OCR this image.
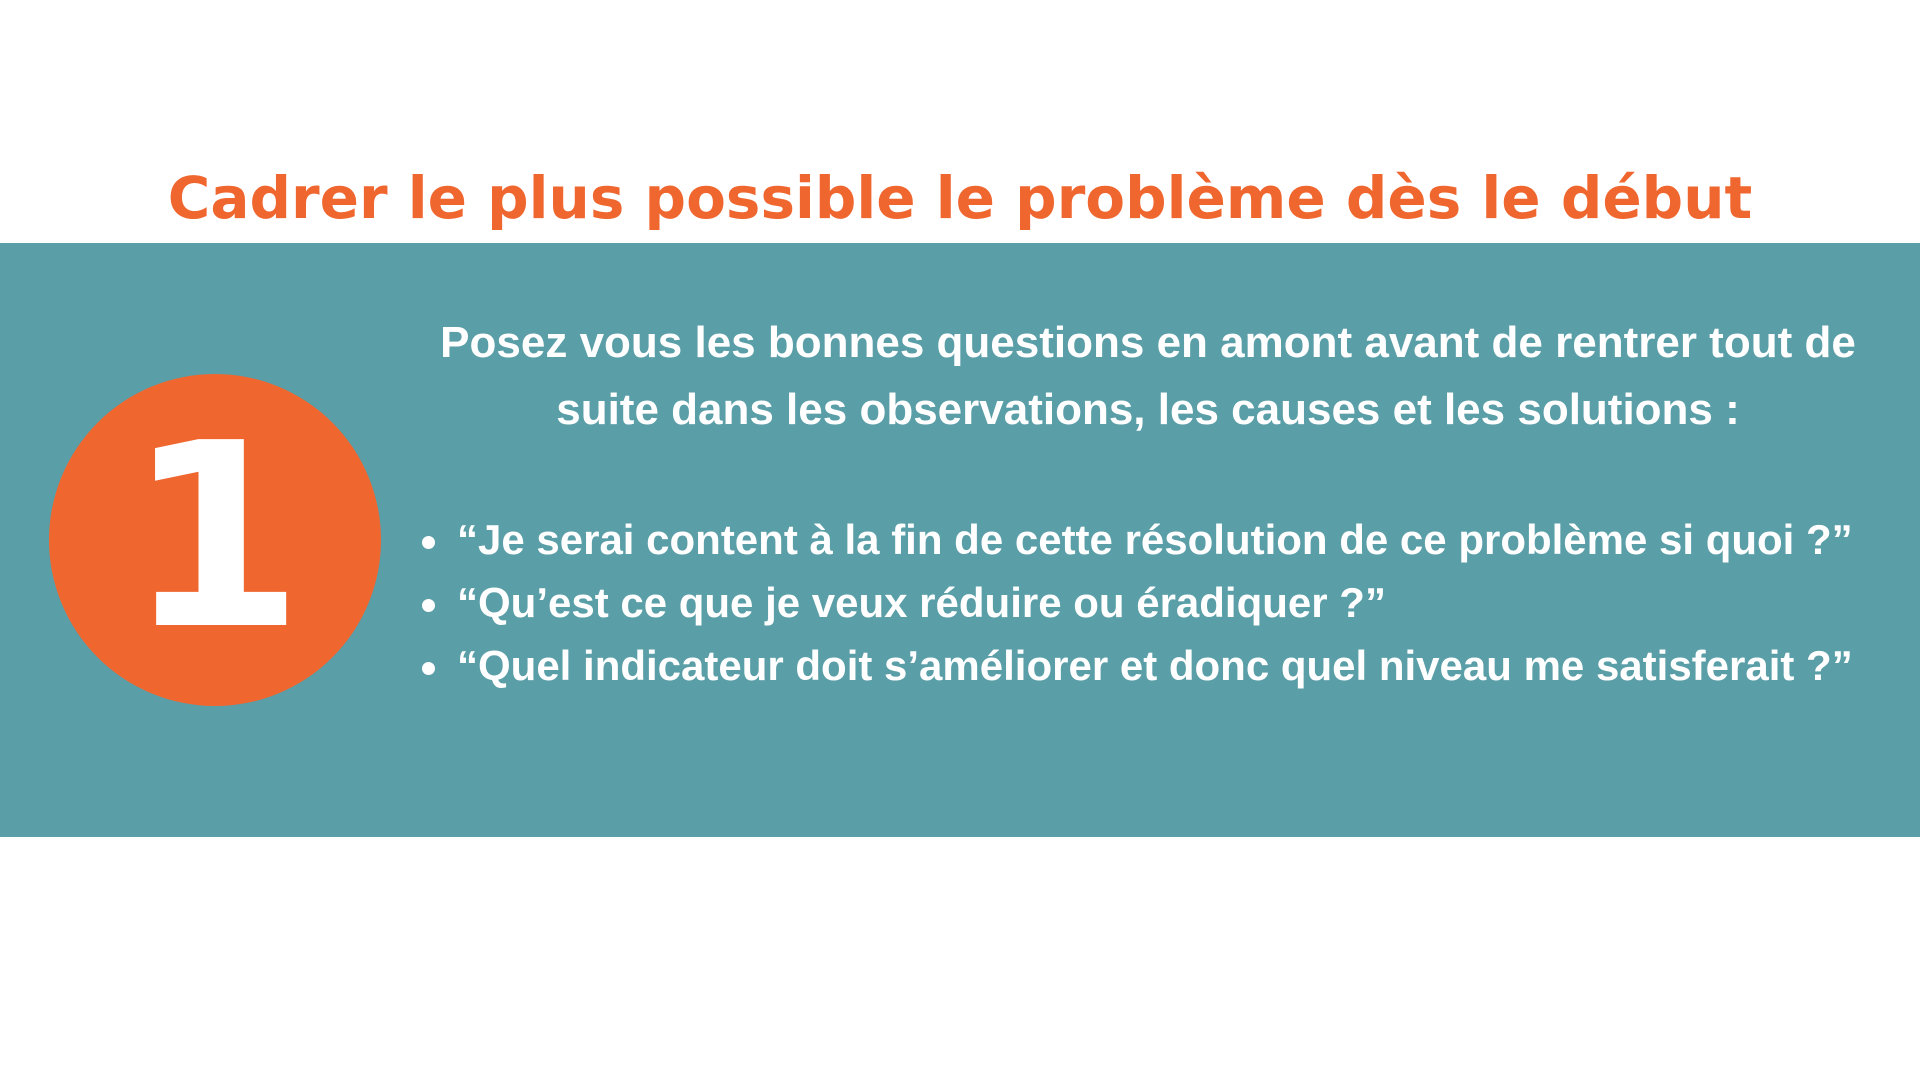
Cadrer le plus possible le problème dès le début
1

Posez vous les bonnes questions en amont avant de rentrer tout de suite dans les observations, les causes et les solutions :

“Je serai content à la fin de cette résolution de ce problème si quoi ?”
“Qu’est ce que je veux réduire ou éradiquer ?”
“Quel indicateur doit s’améliorer et donc quel niveau me satisferait ?”
